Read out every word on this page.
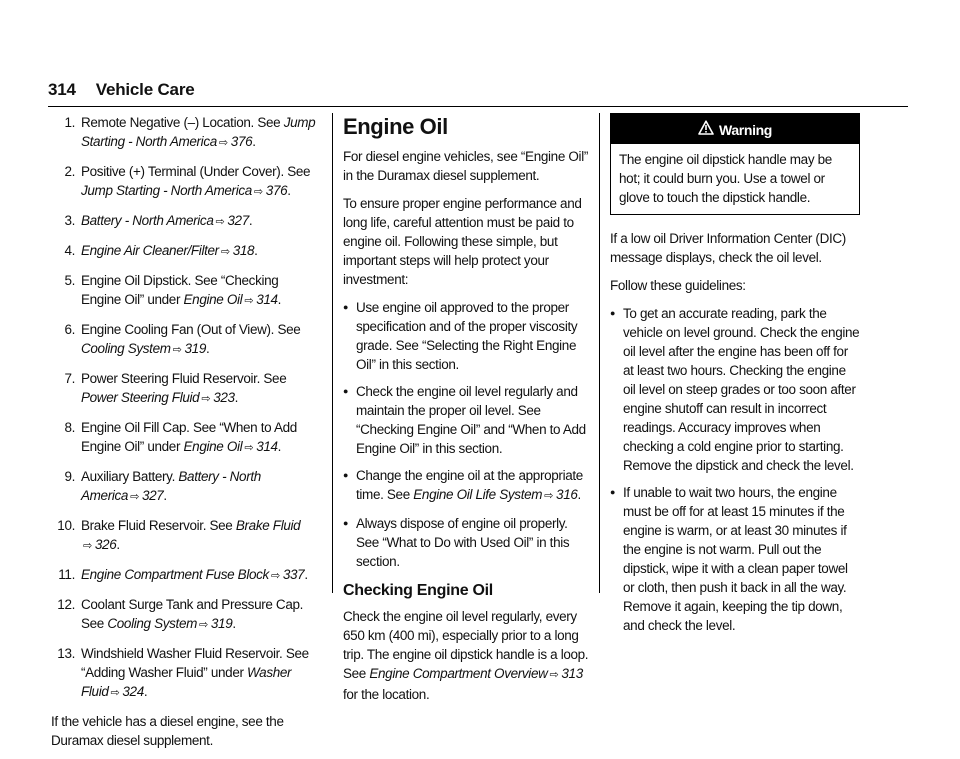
314 Vehicle Care
1. Remote Negative (–) Location. See Jump Starting - North America ⇨ 376.
2. Positive (+) Terminal (Under Cover). See Jump Starting - North America ⇨ 376.
3. Battery - North America ⇨ 327.
4. Engine Air Cleaner/Filter ⇨ 318.
5. Engine Oil Dipstick. See “Checking Engine Oil” under Engine Oil ⇨ 314.
6. Engine Cooling Fan (Out of View). See Cooling System ⇨ 319.
7. Power Steering Fluid Reservoir. See Power Steering Fluid ⇨ 323.
8. Engine Oil Fill Cap. See “When to Add Engine Oil” under Engine Oil ⇨ 314.
9. Auxiliary Battery. Battery - North America ⇨ 327.
10. Brake Fluid Reservoir. See Brake Fluid
⇨ 326.
11. Engine Compartment Fuse Block ⇨ 337.
12. Coolant Surge Tank and Pressure Cap. See Cooling System ⇨ 319.
13. Windshield Washer Fluid Reservoir. See “Adding Washer Fluid” under Washer Fluid ⇨ 324.

If the vehicle has a diesel engine, see the Duramax diesel supplement.

Engine Oil

For diesel engine vehicles, see “Engine Oil” in the Duramax diesel supplement.

To ensure proper engine performance and long life, careful attention must be paid to engine oil. Following these simple, but important steps will help protect your investment:

● Use engine oil approved to the proper specification and of the proper viscosity grade. See “Selecting the Right Engine Oil” in this section.
● Check the engine oil level regularly and maintain the proper oil level. See “Checking Engine Oil” and “When to Add Engine Oil” in this section.
● Change the engine oil at the appropriate time. See Engine Oil Life System ⇨ 316.
● Always dispose of engine oil properly. See “What to Do with Used Oil” in this section.
Checking Engine Oil

Check the engine oil level regularly, every 650 km (400 mi), especially prior to a long trip. The engine oil dipstick handle is a loop. See Engine Compartment Overview ⇨ 313 for the location.

Warning
The engine oil dipstick handle may be hot; it could burn you. Use a towel or glove to touch the dipstick handle.

If a low oil Driver Information Center (DIC) message displays, check the oil level.

Follow these guidelines:

● To get an accurate reading, park the vehicle on level ground. Check the engine oil level after the engine has been off for at least two hours. Checking the engine oil level on steep grades or too soon after engine shutoff can result in incorrect readings. Accuracy improves when checking a cold engine prior to starting. Remove the dipstick and check the level.
● If unable to wait two hours, the engine must be off for at least 15 minutes if the engine is warm, or at least 30 minutes if the engine is not warm. Pull out the dipstick, wipe it with a clean paper towel or cloth, then push it back in all the way. Remove it again, keeping the tip down, and check the level.
